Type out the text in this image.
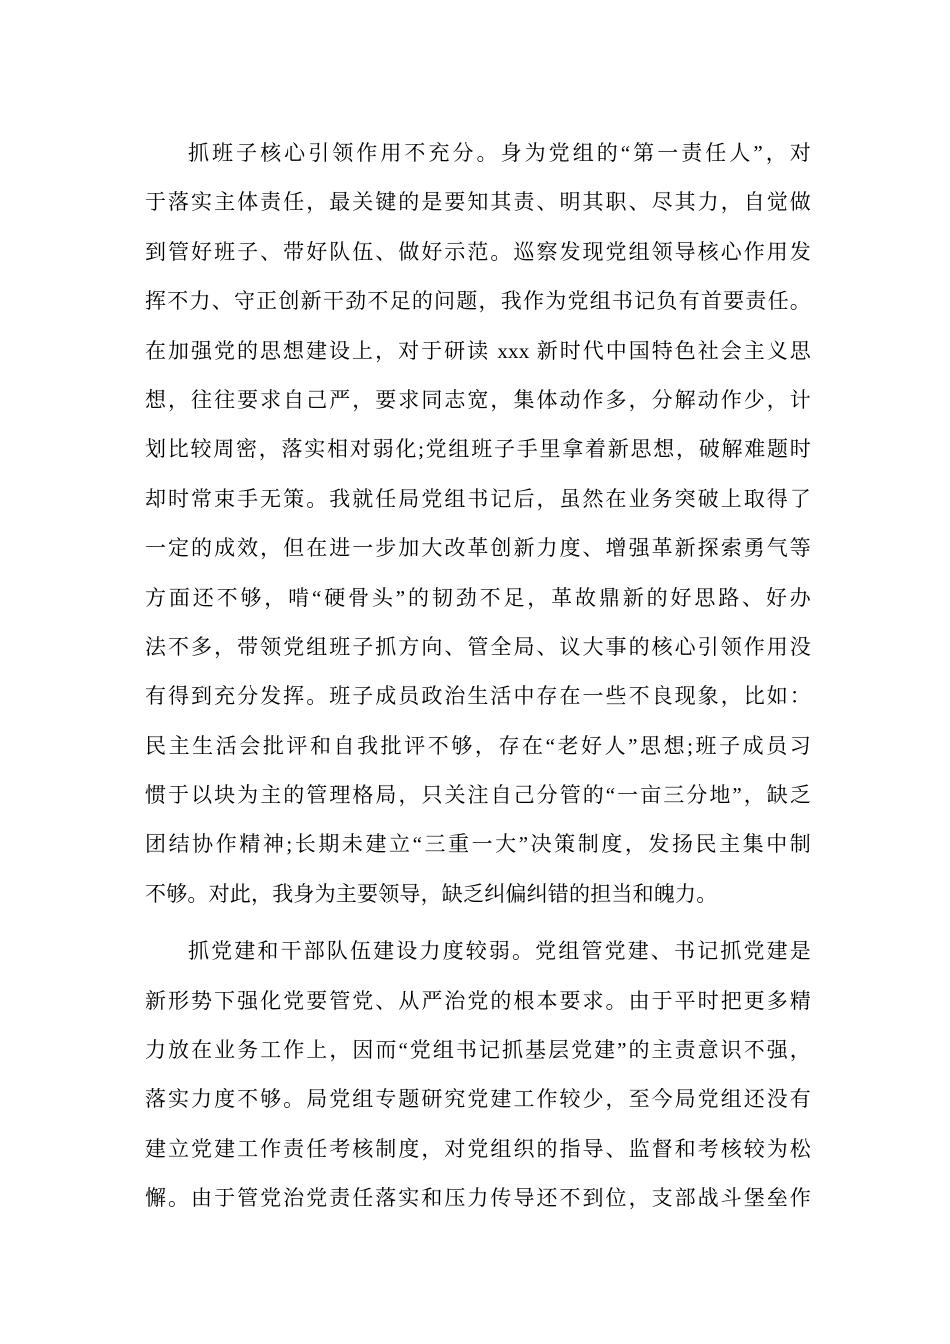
抓班子核心引领作用不充分。身为党组的“第一责任人”，对
于落实主体责任，最关键的是要知其责、明其职、尽其力，自觉做
到管好班子、带好队伍、做好示范。巡察发现党组领导核心作用发
挥不力、守正创新干劲不足的问题，我作为党组书记负有首要责任。
在加强党的思想建设上，对于研读 xxx 新时代中国特色社会主义思
想，往往要求自己严，要求同志宽，集体动作多，分解动作少，计
划比较周密，落实相对弱化;党组班子手里拿着新思想，破解难题时
却时常束手无策。我就任局党组书记后，虽然在业务突破上取得了
一定的成效，但在进一步加大改革创新力度、增强革新探索勇气等
方面还不够，啃“硬骨头”的韧劲不足，革故鼎新的好思路、好办
法不多，带领党组班子抓方向、管全局、议大事的核心引领作用没
有得到充分发挥。班子成员政治生活中存在一些不良现象，比如：
民主生活会批评和自我批评不够，存在“老好人”思想;班子成员习
惯于以块为主的管理格局，只关注自己分管的“一亩三分地”，缺乏
团结协作精神;长期未建立“三重一大”决策制度，发扬民主集中制
不够。对此，我身为主要领导，缺乏纠偏纠错的担当和魄力。
抓党建和干部队伍建设力度较弱。党组管党建、书记抓党建是
新形势下强化党要管党、从严治党的根本要求。由于平时把更多精
力放在业务工作上，因而“党组书记抓基层党建”的主责意识不强，
落实力度不够。局党组专题研究党建工作较少，至今局党组还没有
建立党建工作责任考核制度，对党组织的指导、监督和考核较为松
懈。由于管党治党责任落实和压力传导还不到位，支部战斗堡垒作
